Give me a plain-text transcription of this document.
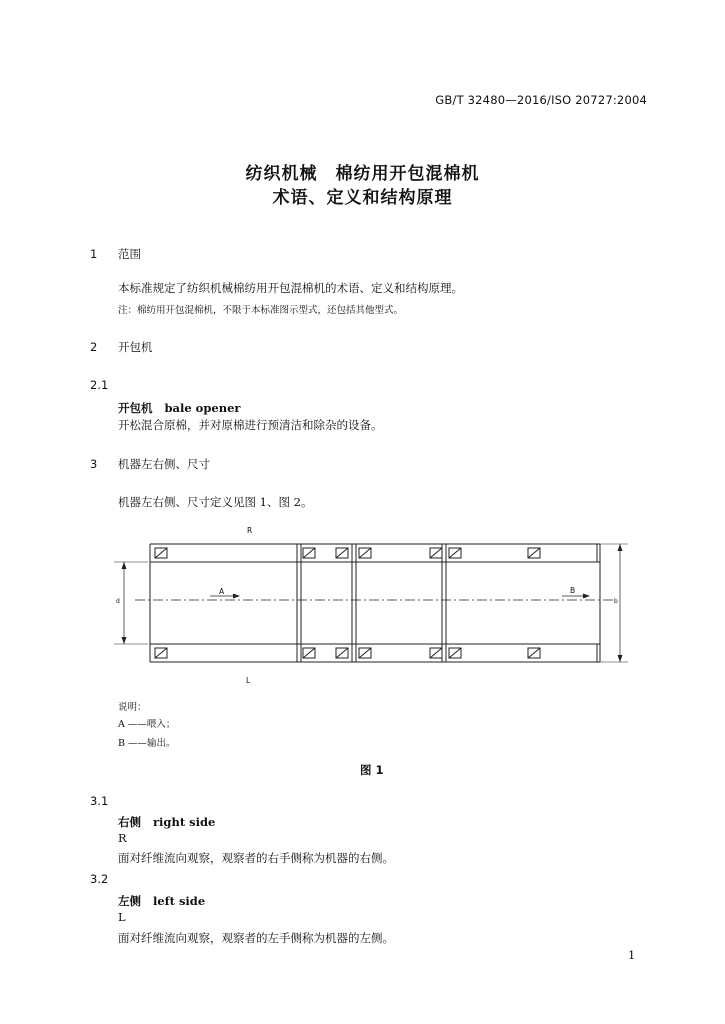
GB/T 32480—2016/ISO 20727:2004
纺织机械　棉纺用开包混棉机
术语、定义和结构原理
1 范围
本标准规定了纺织机械棉纺用开包混棉机的术语、定义和结构原理。
注：棉纺用开包混棉机，不限于本标准图示型式，还包括其他型式。
2 开包机
2.1
开包机 bale opener
开松混合原棉，并对原棉进行预清洁和除杂的设备。
3 机器左右侧、尺寸
机器左右侧、尺寸定义见图 1、图 2。
R
L
A	B
d	b
说明：
A ——喂入；
B ——输出。
图 1
3.1
右侧 right side
R
面对纤维流向观察，观察者的右手侧称为机器的右侧。
3.2
左侧 left side
L
面对纤维流向观察，观察者的左手侧称为机器的左侧。
1
